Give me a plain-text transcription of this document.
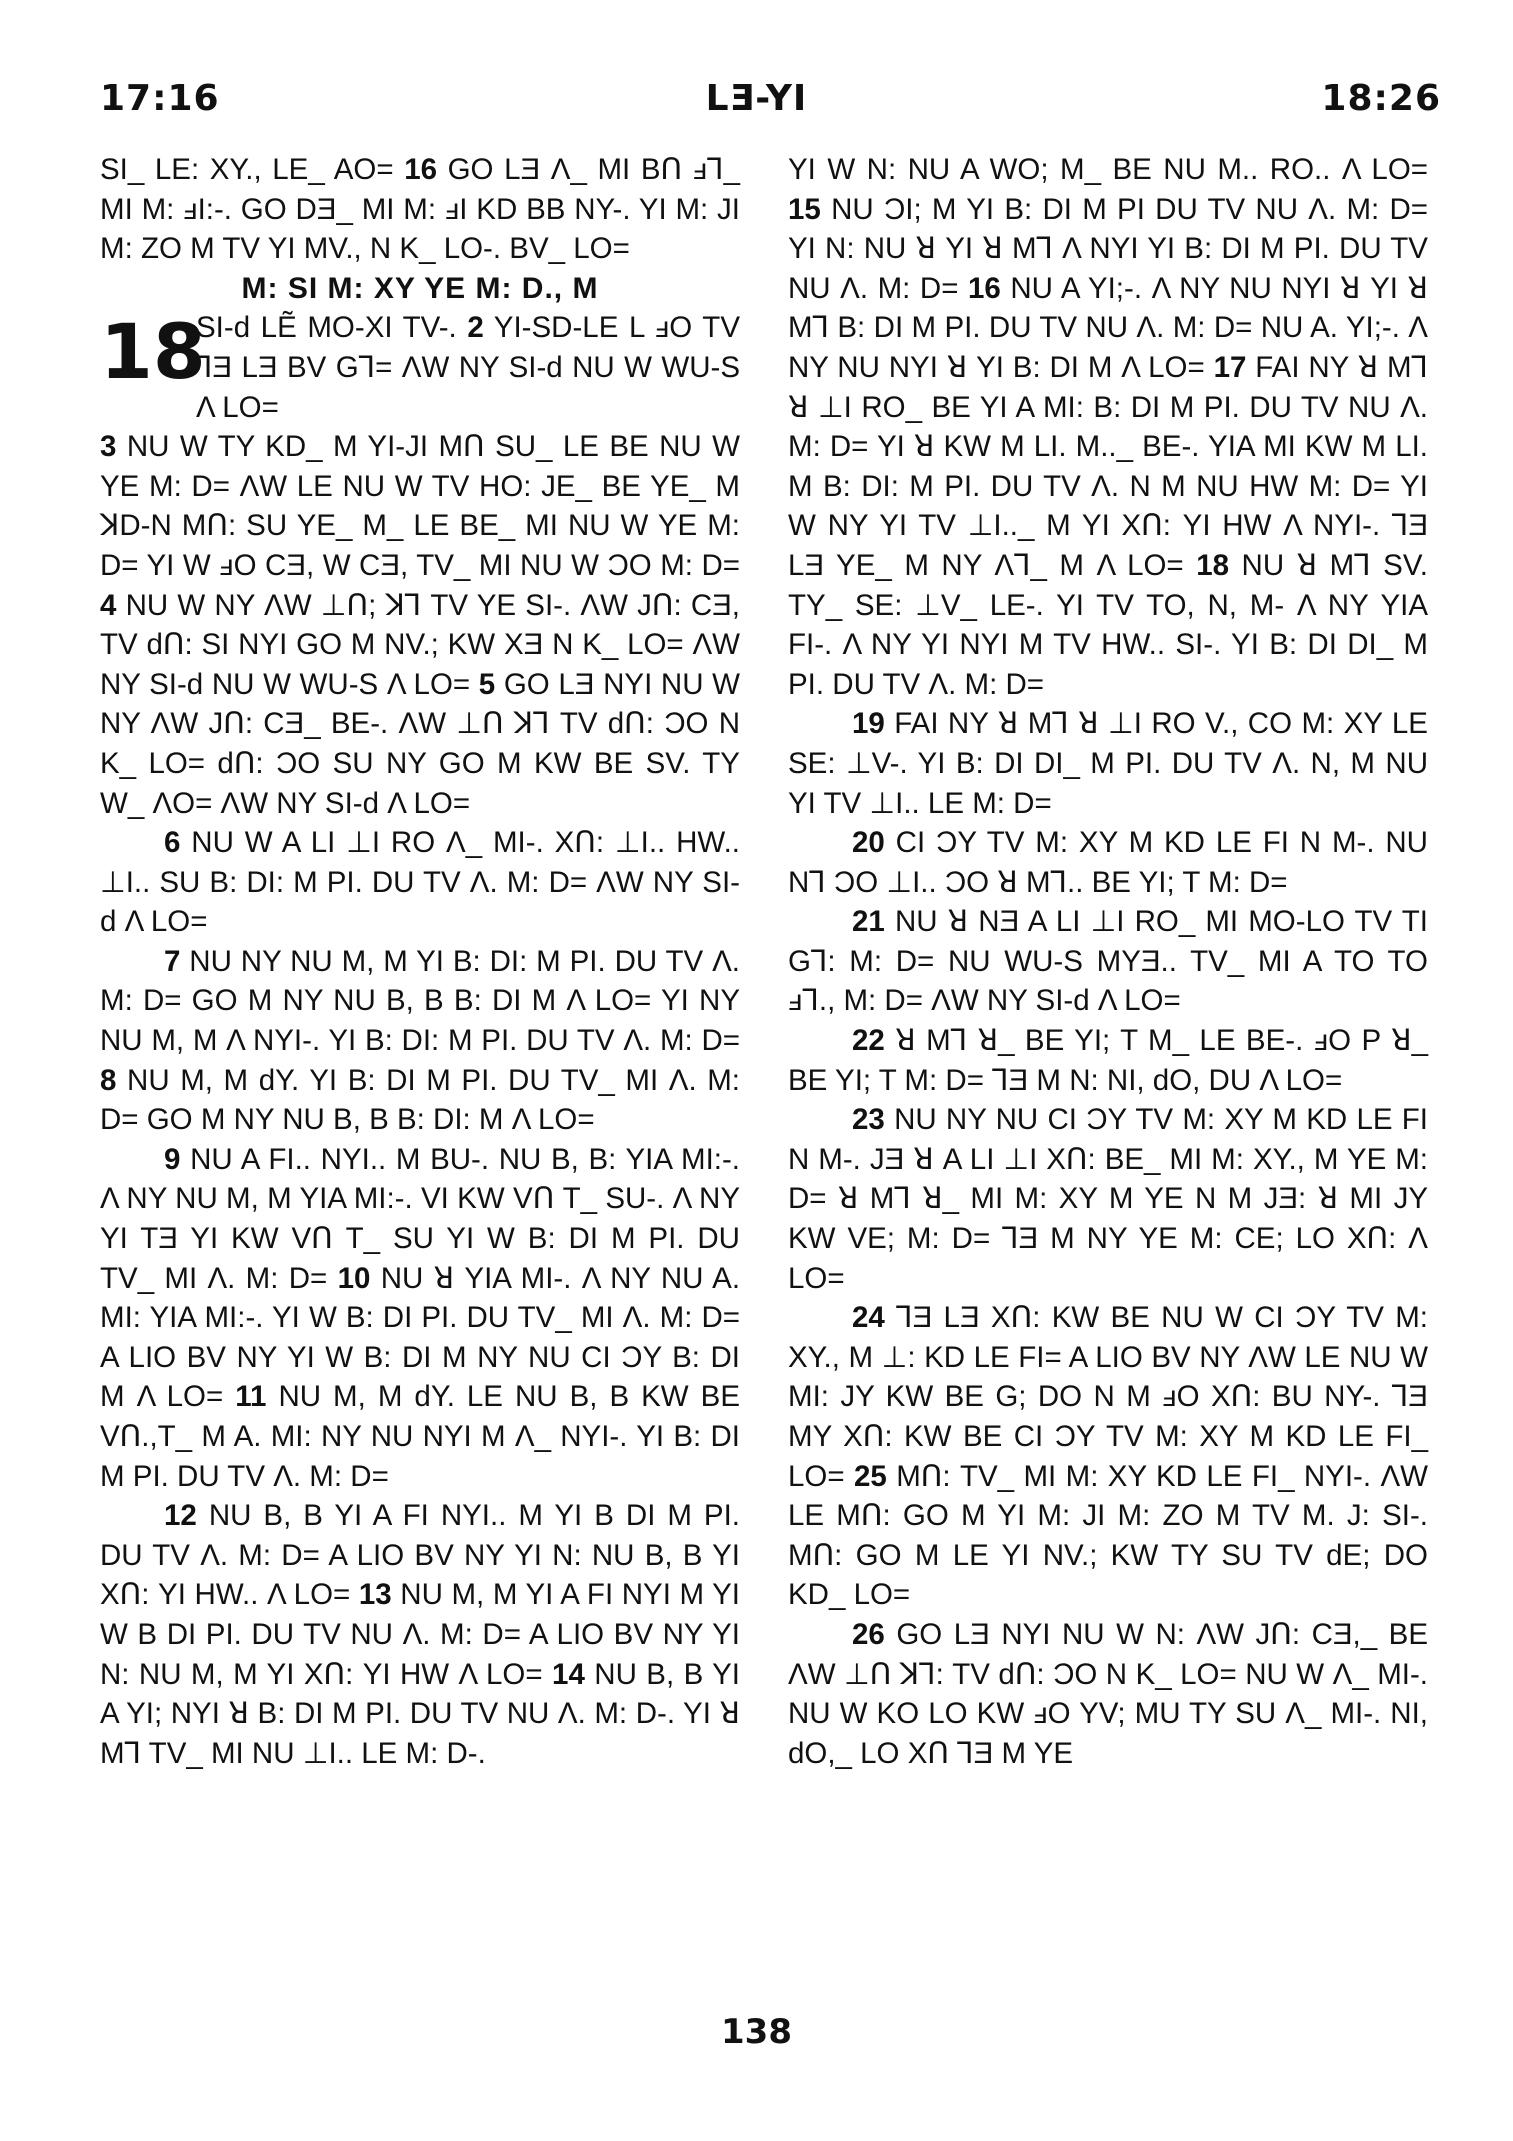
17:16	LƎ-YI	18:26

SI_ LE: XY., LE_ AO= 16 GO LƎ Λ_ MI BՈ ⅎ⅂_ MI M: ⅎI:-. GO DƎ_ MI M: ⅎI KD BB NY-. YI M: JI M: ZO M TV YI MV., N K_ LO-. BV_ LO=

M: SI M: XY YE M: D., M

18
SI-d LẼ MO-XI TV-. 2 YI-SD-LE L ⅎO TV ⅂Ǝ LƎ BV G⅂= ΛW NY SI-d NU W WU-S Λ LO=

3 NU W TY KD_ M YI-JI MՈ SU_ LE BE NU W YE M: D= ΛW LE NU W TV HO: JE_ BE YE_ M ꓘD-N MՈ: SU YE_ M_ LE BE_ MI NU W YE M: D= YI W ⅎO CƎ, W CƎ, TV_ MI NU W ƆO M: D= 4 NU W NY ΛW ⊥Ո; ꓘ⅂ TV YE SI-. ΛW JՈ: CƎ, TV dՈ: SI NYI GO M NV.; KW XƎ N K_ LO= ΛW NY SI-d NU W WU-S Λ LO= 5 GO LƎ NYI NU W NY ΛW JՈ: CƎ_ BE-. ΛW ⊥Ո ꓘ⅂ TV dՈ: ƆO N K_ LO= dՈ: ƆO SU NY GO M KW BE SV. TY W_ ΛO= ΛW NY SI-d Λ LO=

6 NU W A LI ⊥I RO Λ_ MI-. XՈ: ⊥I.. HW.. ⊥I.. SU B: DI: M PI. DU TV Λ. M: D= ΛW NY SI-d Λ LO=

7 NU NY NU M, M YI B: DI: M PI. DU TV Λ. M: D= GO M NY NU B, B B: DI M Λ LO= YI NY NU M, M Λ NYI-. YI B: DI: M PI. DU TV Λ. M: D= 8 NU M, M dY. YI B: DI M PI. DU TV_ MI Λ. M: D= GO M NY NU B, B B: DI: M Λ LO=

9 NU A FI.. NYI.. M BU-. NU B, B: YIA MI:-. Λ NY NU M, M YIA MI:-. VI KW VՈ T_ SU-. Λ NY YI TƎ YI KW VՈ T_ SU YI W B: DI M PI. DU TV_ MI Λ. M: D= 10 NU ꓤ YIA MI-. Λ NY NU A. MI: YIA MI:-. YI W B: DI PI. DU TV_ MI Λ. M: D= A LIO BV NY YI W B: DI M NY NU CI ƆY B: DI M Λ LO= 11 NU M, M dY. LE NU B, B KW BE VՈ.,T_ M A. MI: NY NU NYI M Λ_ NYI-. YI B: DI M PI. DU TV Λ. M: D=

12 NU B, B YI A FI NYI.. M YI B DI M PI. DU TV Λ. M: D= A LIO BV NY YI N: NU B, B YI XՈ: YI HW.. Λ LO= 13 NU M, M YI A FI NYI M YI W B DI PI. DU TV NU Λ. M: D= A LIO BV NY YI N: NU M, M YI XՈ: YI HW Λ LO= 14 NU B, B YI A YI; NYI ꓤ B: DI M PI. DU TV NU Λ. M: D-. YI ꓤ M⅂ TV_ MI NU ⊥I.. LE M: D-.

YI W N: NU A WO; M_ BE NU M.. RO.. Λ LO= 15 NU ƆI; M YI B: DI M PI DU TV NU Λ. M: D= YI N: NU ꓤ YI ꓤ M⅂ Λ NYI YI B: DI M PI. DU TV NU Λ. M: D= 16 NU A YI;-. Λ NY NU NYI ꓤ YI ꓤ M⅂ B: DI M PI. DU TV NU Λ. M: D= NU A. YI;-. Λ NY NU NYI ꓤ YI B: DI M Λ LO= 17 FAI NY ꓤ M⅂ ꓤ ⊥I RO_ BE YI A MI: B: DI M PI. DU TV NU Λ. M: D= YI ꓤ KW M LI. M.._ BE-. YIA MI KW M LI. M B: DI: M PI. DU TV Λ. N M NU HW M: D= YI W NY YI TV ⊥I.._ M YI XՈ: YI HW Λ NYI-. ⅂Ǝ LƎ YE_ M NY Λ⅂_ M Λ LO= 18 NU ꓤ M⅂ SV. TY_ SE: ⊥V_ LE-. YI TV TO, N, M- Λ NY YIA FI-. Λ NY YI NYI M TV HW.. SI-. YI B: DI DI_ M PI. DU TV Λ. M: D=

19 FAI NY ꓤ M⅂ ꓤ ⊥I RO V., CO M: XY LE SE: ⊥V-. YI B: DI DI_ M PI. DU TV Λ. N, M NU YI TV ⊥I.. LE M: D=

20 CI ƆY TV M: XY M KD LE FI N M-. NU N⅂ ƆO ⊥I.. ƆO ꓤ M⅂.. BE YI; T M: D=

21 NU ꓤ NƎ A LI ⊥I RO_ MI MO-LO TV TI G⅂: M: D= NU WU-S MYƎ.. TV_ MI A TO TO ⅎ⅂., M: D= ΛW NY SI-d Λ LO=

22 ꓤ M⅂ ꓤ_ BE YI; T M_ LE BE-. ⅎO P ꓤ_ BE YI; T M: D= ⅂Ǝ M N: NI, dO, DU Λ LO=

23 NU NY NU CI ƆY TV M: XY M KD LE FI N M-. JƎ ꓤ A LI ⊥I XՈ: BE_ MI M: XY., M YE M: D= ꓤ M⅂ ꓤ_ MI M: XY M YE N M JƎ: ꓤ MI JY KW VE; M: D= ⅂Ǝ M NY YE M: CE; LO XՈ: Λ LO=

24 ⅂Ǝ LƎ XՈ: KW BE NU W CI ƆY TV M: XY., M ⊥: KD LE FI= A LIO BV NY ΛW LE NU W MI: JY KW BE G; DO N M ⅎO XՈ: BU NY-. ⅂Ǝ MY XՈ: KW BE CI ƆY TV M: XY M KD LE FI_ LO= 25 MՈ: TV_ MI M: XY KD LE FI_ NYI-. ΛW LE MՈ: GO M YI M: JI M: ZO M TV M. J: SI-. MՈ: GO M LE YI NV.; KW TY SU TV dE; DO KD_ LO=

26 GO LƎ NYI NU W N: ΛW JՈ: CƎ,_ BE ΛW ⊥Ո ꓘ⅂: TV dՈ: ƆO N K_ LO= NU W Λ_ MI-. NU W KO LO KW ⅎO YV; MU TY SU Λ_ MI-. NI, dO,_ LO XՈ ⅂Ǝ M YE

138
